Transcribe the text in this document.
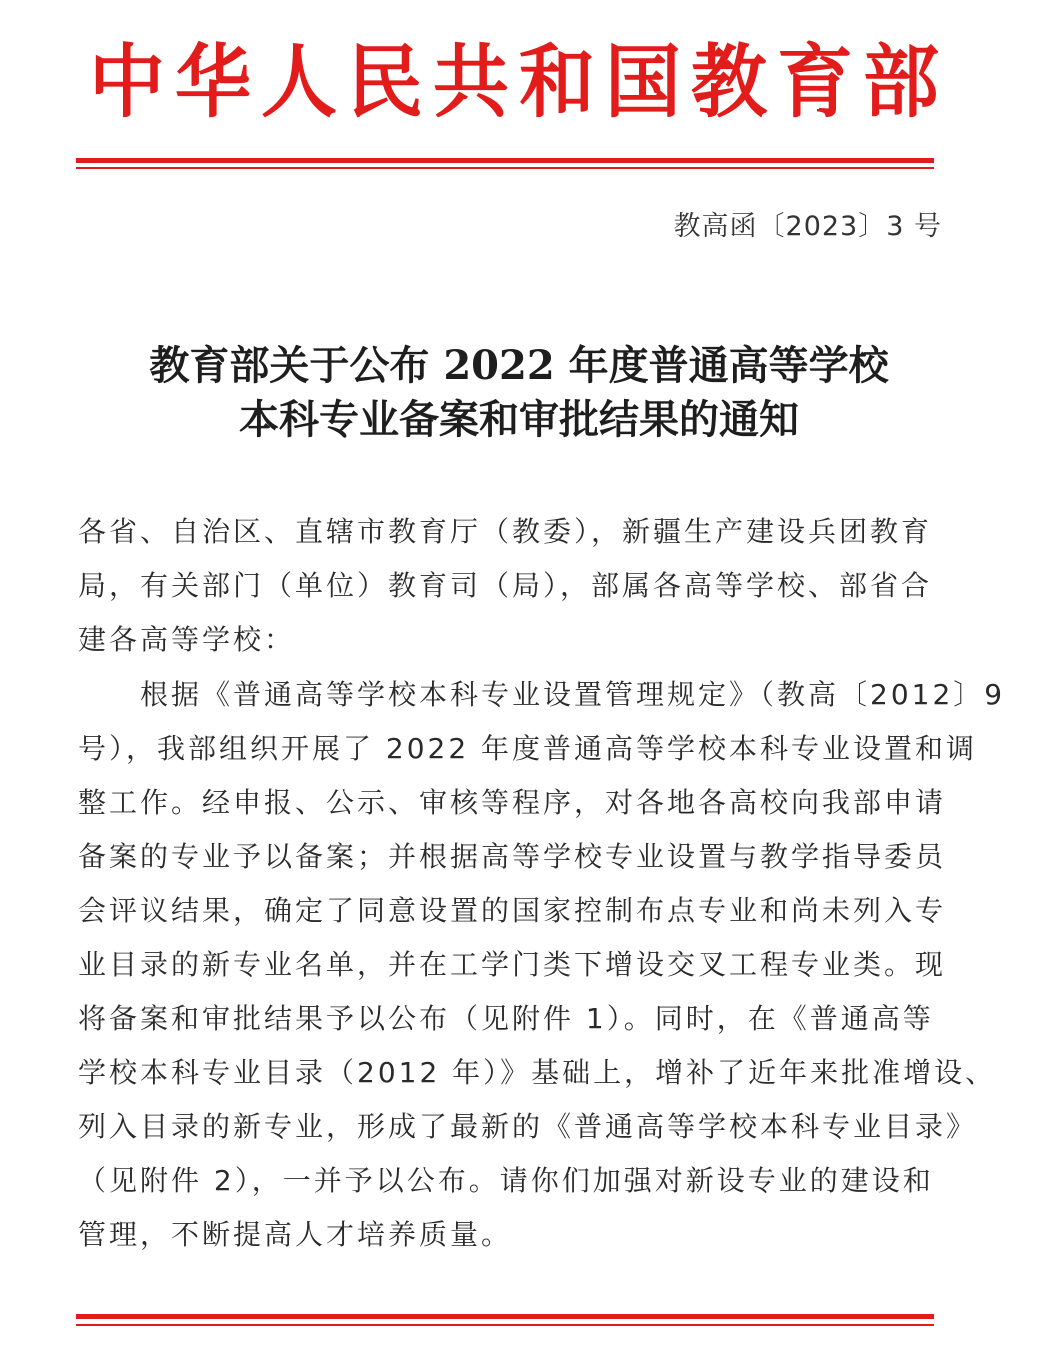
中华人民共和国教育部
教高函〔2023〕3 号
教育部关于公布 2022 年度普通高等学校
本科专业备案和审批结果的通知
各省、自治区、直辖市教育厅（教委），新疆生产建设兵团教育
局，有关部门（单位）教育司（局），部属各高等学校、部省合
建各高等学校：
根据《普通高等学校本科专业设置管理规定》（教高〔2012〕9
号），我部组织开展了 2022 年度普通高等学校本科专业设置和调
整工作。经申报、公示、审核等程序，对各地各高校向我部申请
备案的专业予以备案；并根据高等学校专业设置与教学指导委员
会评议结果，确定了同意设置的国家控制布点专业和尚未列入专
业目录的新专业名单，并在工学门类下增设交叉工程专业类。现
将备案和审批结果予以公布（见附件 1）。同时，在《普通高等
学校本科专业目录（2012 年）》基础上，增补了近年来批准增设、
列入目录的新专业，形成了最新的《普通高等学校本科专业目录》
（见附件 2），一并予以公布。请你们加强对新设专业的建设和
管理，不断提高人才培养质量。
